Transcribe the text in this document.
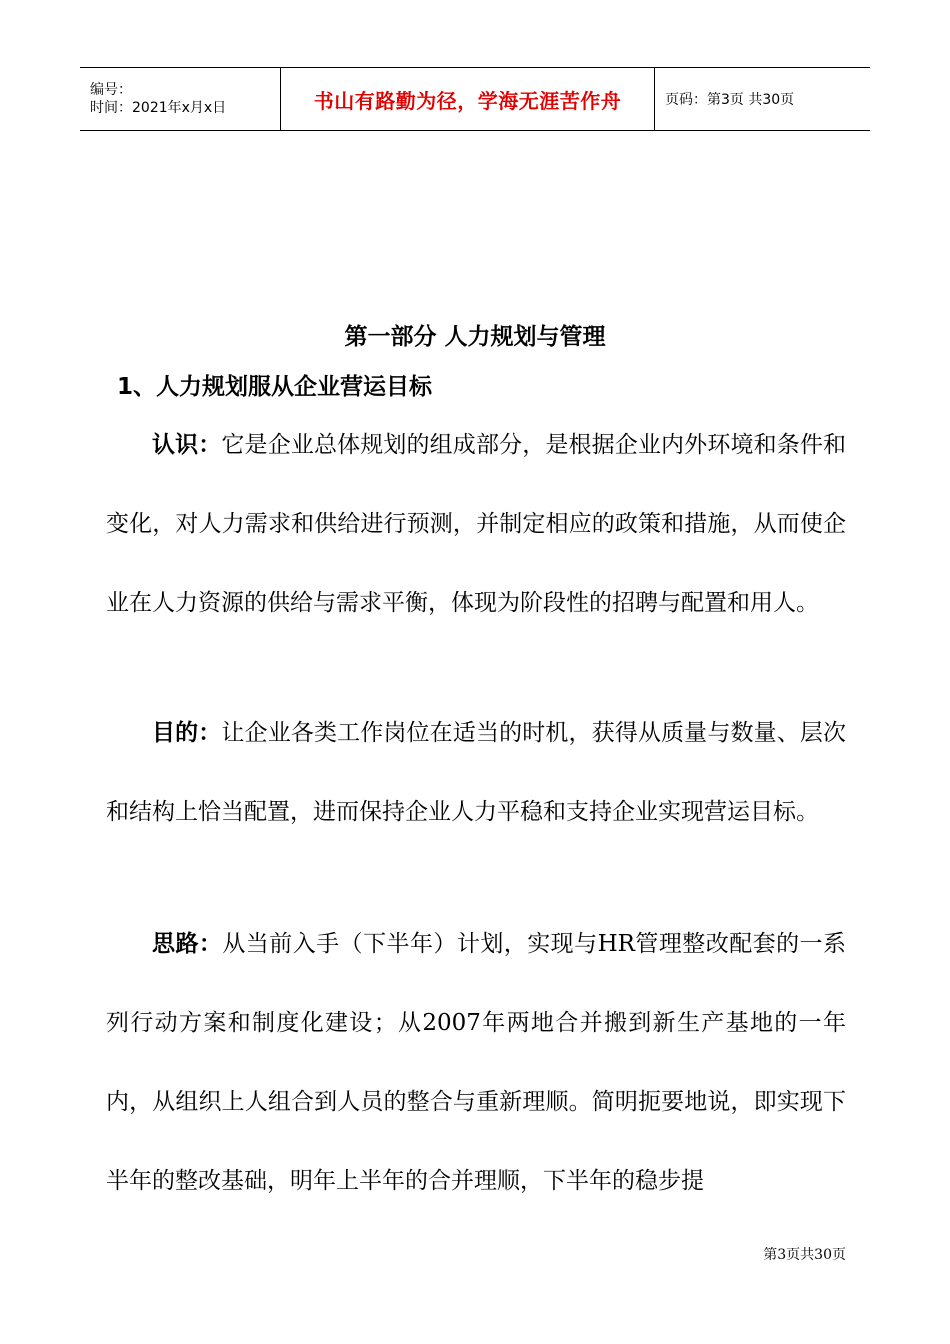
编号：
时间：2021年x月x日	书山有路勤为径，学海无涯苦作舟	页码：第3页 共30页
第一部分 人力规划与管理
1、人力规划服从企业营运目标

认识：它是企业总体规划的组成部分，是根据企业内外环境和条件和变化，对人力需求和供给进行预测，并制定相应的政策和措施，从而使企业在人力资源的供给与需求平衡，体现为阶段性的招聘与配置和用人。

目的：让企业各类工作岗位在适当的时机，获得从质量与数量、层次和结构上恰当配置，进而保持企业人力平稳和支持企业实现营运目标。

思路：从当前入手（下半年）计划，实现与HR管理整改配套的一系列行动方案和制度化建设；从2007年两地合并搬到新生产基地的一年内，从组织上人组合到人员的整合与重新理顺。简明扼要地说，即实现下半年的整改基础，明年上半年的合并理顺，下半年的稳步提

第3页共30页
